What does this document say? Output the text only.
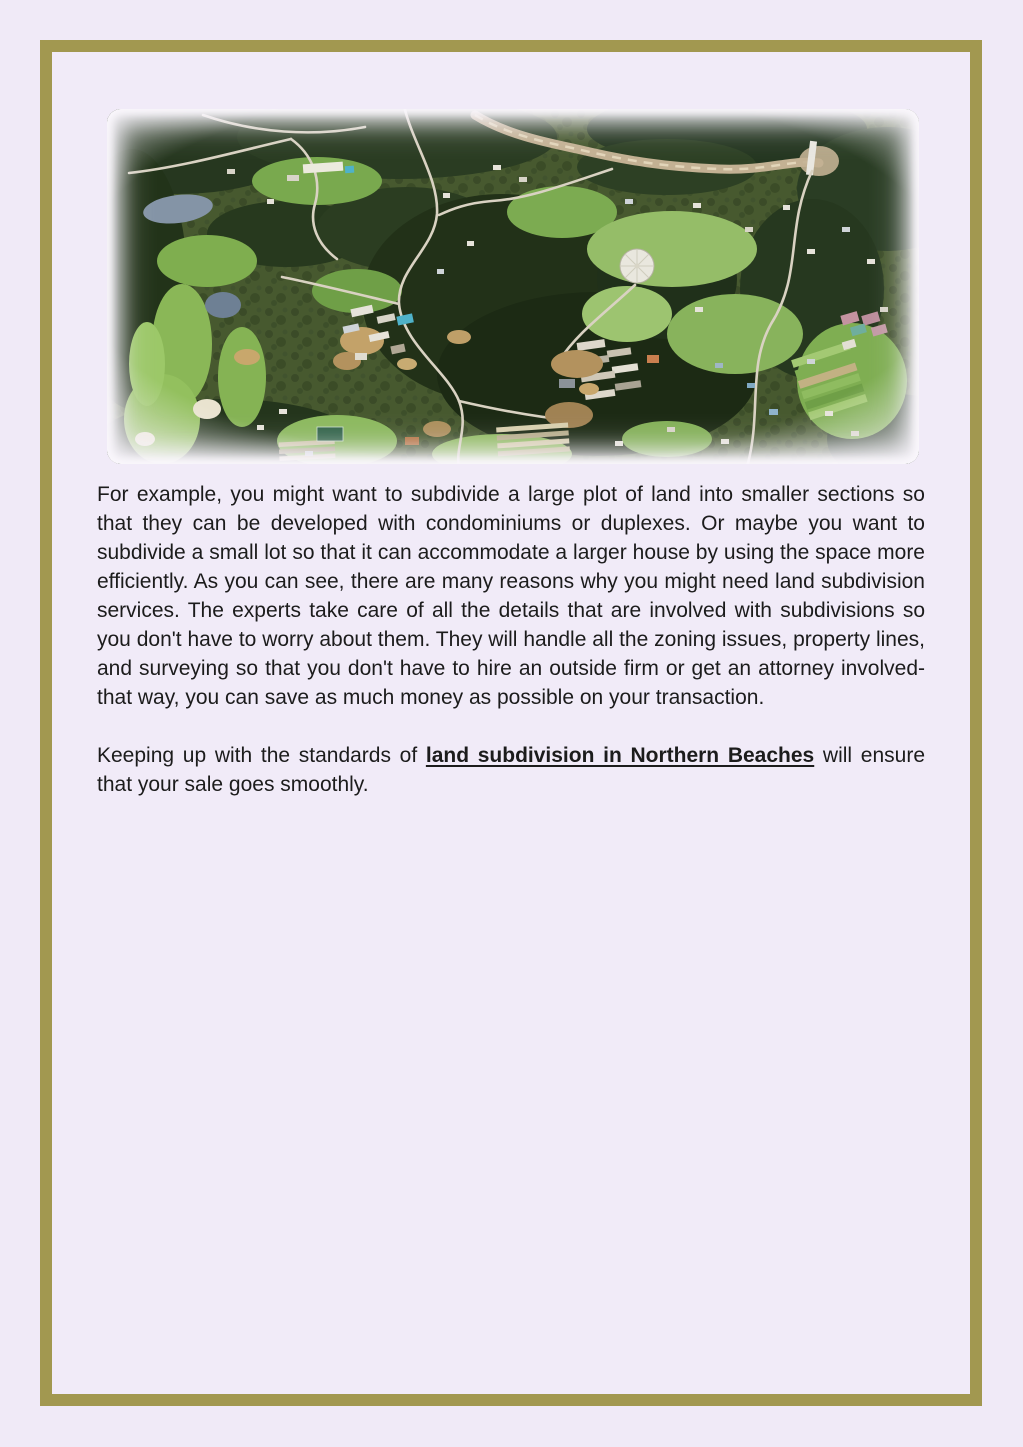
For example, you might want to subdivide a large plot of land into smaller sections so that they can be developed with condominiums or duplexes. Or maybe you want to subdivide a small lot so that it can accommodate a larger house by using the space more efficiently. As you can see, there are many reasons why you might need land subdivision services. The experts take care of all the details that are involved with subdivisions so you don't have to worry about them. They will handle all the zoning issues, property lines, and surveying so that you don't have to hire an outside firm or get an attorney involved-that way, you can save as much money as possible on your transaction.

Keeping up with the standards of land subdivision in Northern Beaches will ensure that your sale goes smoothly.
